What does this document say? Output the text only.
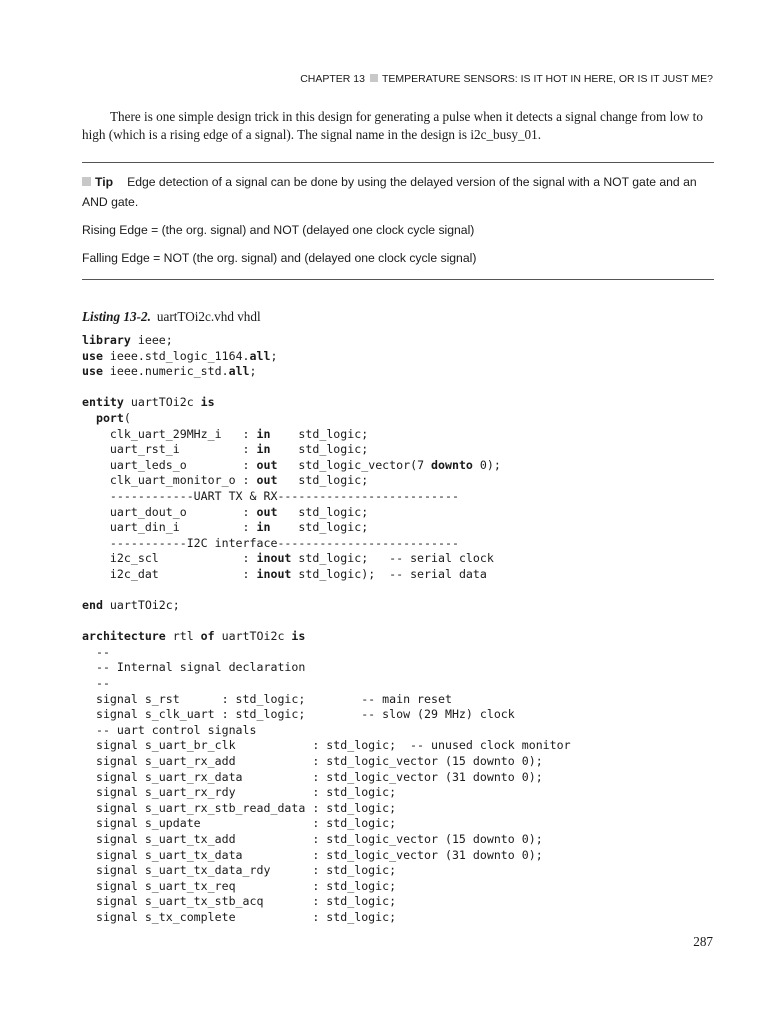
CHAPTER 13 TEMPERATURE SENSORS: IS IT HOT IN HERE, OR IS IT JUST ME?

There is one simple design trick in this design for generating a pulse when it detects a signal change from low to high (which is a rising edge of a signal). The signal name in the design is i2c_busy_01.

Tip Edge detection of a signal can be done by using the delayed version of the signal with a NOT gate and an AND gate.

Rising Edge = (the org. signal) and NOT (delayed one clock cycle signal)

Falling Edge = NOT (the org. signal) and (delayed one clock cycle signal)

Listing 13-2. uartTOi2c.vhd vhdl
library ieee;
use ieee.std_logic_1164.all;
use ieee.numeric_std.all;
entity uartTOi2c is
port(
clk_uart_29MHz_i   : in    std_logic;
uart_rst_i         : in    std_logic;
uart_leds_o        : out   std_logic_vector(7 downto 0);
clk_uart_monitor_o : out   std_logic;
------------UART TX & RX--------------------------
uart_dout_o        : out   std_logic;
uart_din_i         : in    std_logic;
-----------I2C interface--------------------------
i2c_scl            : inout std_logic;   -- serial clock
i2c_dat            : inout std_logic);  -- serial data
end uartTOi2c;
architecture rtl of uartTOi2c is
--
-- Internal signal declaration
--
signal s_rst      : std_logic;        -- main reset
signal s_clk_uart : std_logic;        -- slow (29 MHz) clock
-- uart control signals
signal s_uart_br_clk           : std_logic;  -- unused clock monitor
signal s_uart_rx_add           : std_logic_vector (15 downto 0);
signal s_uart_rx_data          : std_logic_vector (31 downto 0);
signal s_uart_rx_rdy           : std_logic;
signal s_uart_rx_stb_read_data : std_logic;
signal s_update                : std_logic;
signal s_uart_tx_add           : std_logic_vector (15 downto 0);
signal s_uart_tx_data          : std_logic_vector (31 downto 0);
signal s_uart_tx_data_rdy      : std_logic;
signal s_uart_tx_req           : std_logic;
signal s_uart_tx_stb_acq       : std_logic;
signal s_tx_complete           : std_logic;
287
